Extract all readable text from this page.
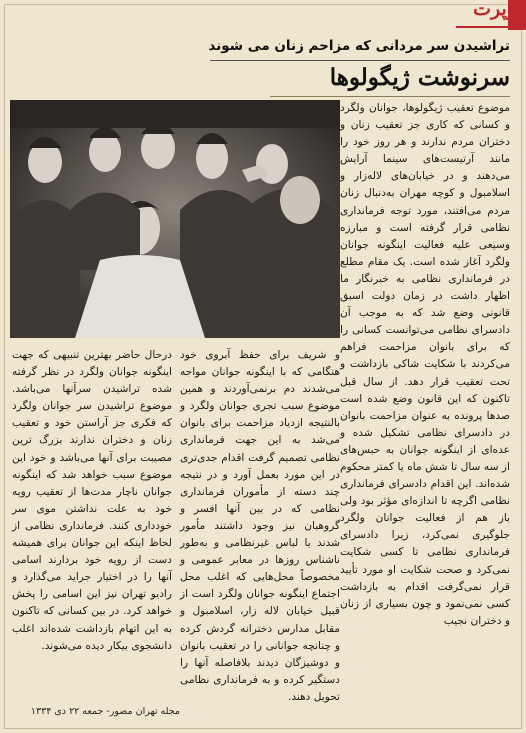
رپرت
تراشیدن سر مردانی که مزاحم زنان می شوند
سرنوشت ژیگولوها

موضوع تعقیب ژیگولوها، جوانان ولگرد و کسانی که کاری جز تعقیب زنان و دختران مردم ندارند و هر روز خود را مانند آرتیست‌های سینما آرایش می‌دهند و در خیابان‌های لاله‌زار و اسلامبول و کوچه مهران به‌دنبال زنان مردم می‌افتند، مورد توجه فرمانداری نظامی قرار گرفته است و مبارزه وسیعی علیه فعالیت اینگونه جوانان ولگرد آغاز شده است. یک مقام مطلع در فرمانداری نظامی به خبرنگار ما اظهار داشت در زمان دولت اسبق قانونی وضع شد که به موجب آن دادسرای نظامی می‌توانست کسانی را که برای بانوان مزاحمت فراهم می‌کردند با شکایت شاکی بازداشت و تحت تعقیب قرار دهد. از سال قبل تاکنون که این قانون وضع شده است صدها پرونده به عنوان مزاحمت بانوان در دادسرای نظامی تشکیل شده و عده‌ای از اینگونه جوانان به حبس‌های از سه سال تا شش ماه یا کمتر محکوم شده‌اند. این اقدام دادسرای فرمانداری نظامی اگرچه تا اندازه‌ای مؤثر بود ولی باز هم از فعالیت جوانان ولگرد جلوگیری نمی‌کرد، زیرا دادسرای فرمانداری نظامی تا کسی شکایت نمی‌کرد و صحت شکایت او مورد تأیید قرار نمی‌گرفت اقدام به بازداشت کسی نمی‌نمود و چون بسیاری از زنان و دختران نجیب

و شریف برای حفظ آبروی خود هنگامی که با اینگونه جوانان مواجه می‌شدند دم برنمی‌آوردند و همین موضوع سبب تجری جوانان ولگرد و بالنتیجه ازدیاد مزاحمت برای بانوان می‌شد به این جهت فرمانداری نظامی تصمیم گرفت اقدام جدی‌تری در این مورد بعمل آورد و در نتیجه چند دسته از مأموران فرمانداری نظامی که در بین آنها افسر و گروهبان نیز وجود داشتند مأمور شدند با لباس غیرنظامی و به‌طور ناشناس روزها در معابر عمومی و مخصوصاً محل‌هایی که اغلب محل اجتماع اینگونه جوانان ولگرد است از قبیل خیابان لاله زار، اسلامبول و مقابل مدارس دخترانه گردش کرده و چنانچه جوانانی را در تعقیب بانوان و دوشیزگان دیدند بلافاصله آنها را دستگیر کرده و به فرمانداری نظامی تحویل دهند.

درحال حاضر بهترین تنبیهی که جهت اینگونه جوانان ولگرد در نظر گرفته شده تراشیدن سرآنها می‌باشد. موضوع تراشیدن سر جوانان ولگرد که فکری جز آراستن خود و تعقیب زنان و دختران ندارند بزرگ ترین مصیبت برای آنها می‌باشد و خود این موضوع سبب خواهد شد که اینگونه جوانان ناچار مدت‌ها از تعقیب رویه خود به علت نداشتن موی سر خودداری کنند. فرمانداری نظامی از لحاظ اینکه این جوانان برای همیشه دست از رویه خود بردارند اسامی آنها را در اختیار جراید می‌گذارد و رادیو تهران نیز این اسامی را پخش خواهد کرد. در بین کسانی که تاکنون به این اتهام بازداشت شده‌اند اغلب دانشجوی بیکار دیده می‌شوند.

مجله تهران مصور- جمعه ۲۲ دی ۱۳۳۴
